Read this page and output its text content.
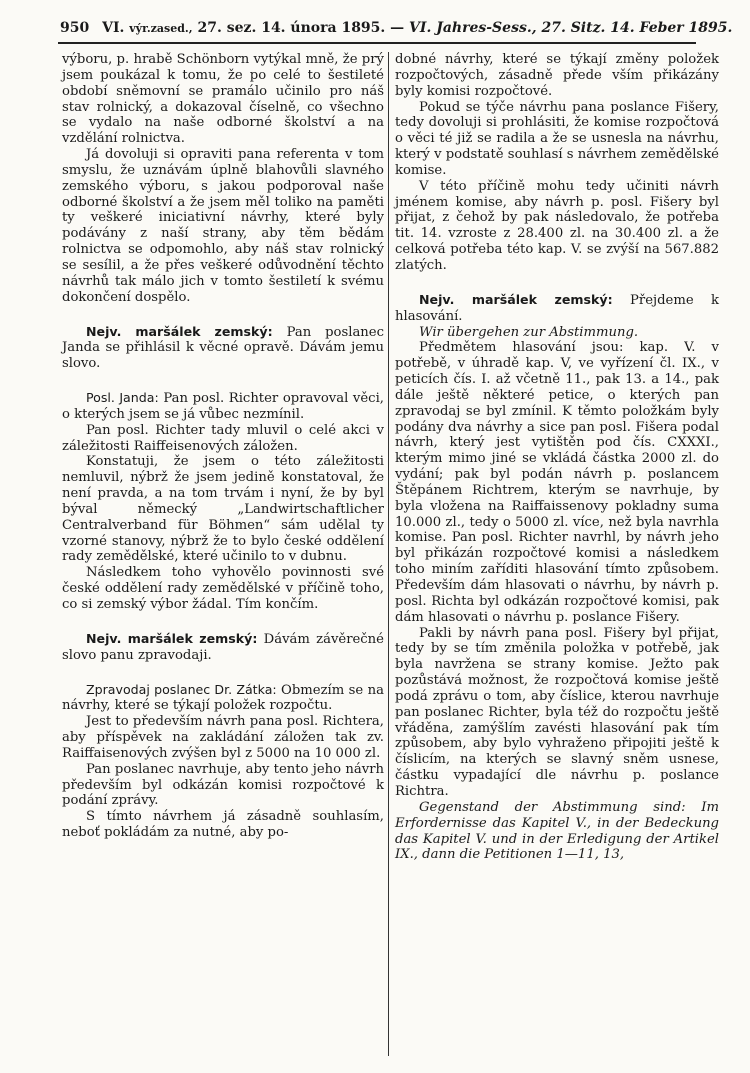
950 VI. výr.zased., 27. sez. 14. února 1895. — VI. Jahres-Sess., 27. Sitz. 14. Feber 1895.

výboru, p. hrabě Schönborn vytýkal mně, že prý jsem poukázal k tomu, že po celé to šestileté období sněmovní se pramálo učinilo pro náš stav rolnický, a dokazoval číselně, co všechno se vydalo na naše odborné školství a na vzdělání rolnictva.

Já dovoluji si opraviti pana referenta v tom smyslu, že uznávám úplně blahovůli slavného zemského výboru, s jakou podporoval naše odborné školství a že jsem měl toliko na paměti ty veškeré iniciativní návrhy, které byly podávány z naší strany, aby těm bědám rolnictva se odpomohlo, aby náš stav rolnický se sesílil, a že přes veškeré odůvodnění těchto návrhů tak málo jich v tomto šestiletí k svému dokončení dospělo.

Nejv. maršálek zemský: Pan poslanec Janda se přihlásil k věcné opravě. Dávám jemu slovo.

Posl. Janda: Pan posl. Richter opravoval věci, o kterých jsem se já vůbec nezmínil.

Pan posl. Richter tady mluvil o celé akci v záležitosti Raiffeisenových záložen.

Konstatuji, že jsem o této záležitosti nemluvil, nýbrž že jsem jedině konstatoval, že není pravda, a na tom trvám i nyní, že by byl býval německý „Landwirtschaftlicher Centralverband für Böhmen“ sám udělal ty vzorné stanovy, nýbrž že to bylo české oddělení rady zemědělské, které učinilo to v dubnu.

Následkem toho vyhovělo povinnosti své české oddělení rady zemědělské v příčině toho, co si zemský výbor žádal. Tím končím.

Nejv. maršálek zemský: Dávám závěrečné slovo panu zpravodaji.

Zpravodaj poslanec Dr. Zátka: Obmezím se na návrhy, které se týkají položek rozpočtu.

Jest to především návrh pana posl. Richtera, aby příspěvek na zakládání záložen tak zv. Raiffaisenových zvýšen byl z 5000 na 10 000 zl.

Pan poslanec navrhuje, aby tento jeho návrh především byl odkázán komisi rozpočtové k podání zprávy.

S tímto návrhem já zásadně souhlasím, neboť pokládám za nutné, aby po-

dobné návrhy, které se týkají změny položek rozpočtových, zásadně přede vším přikázány byly komisi rozpočtové.

Pokud se týče návrhu pana poslance Fišery, tedy dovoluji si prohlásiti, že komise rozpočtová o věci té již se radila a že se usnesla na návrhu, který v podstatě souhlasí s návrhem zemědělské komise.

V této příčině mohu tedy učiniti návrh jménem komise, aby návrh p. posl. Fišery byl přijat, z čehož by pak následovalo, že potřeba tit. 14. vzroste z 28.400 zl. na 30.400 zl. a že celková potřeba této kap. V. se zvýší na 567.882 zlatých.

Nejv. maršálek zemský: Přejdeme k hlasování.

Wir übergehen zur Abstimmung.

Předmětem hlasování jsou: kap. V. v potřebě, v úhradě kap. V, ve vyřízení čl. IX., v peticích čís. I. až včetně 11., pak 13. a 14., pak dále ještě některé petice, o kterých pan zpravodaj se byl zmínil. K těmto položkám byly podány dva návrhy a sice pan posl. Fišera podal návrh, který jest vytištěn pod čís. CXXXI., kterým mimo jiné se vkládá částka 2000 zl. do vydání; pak byl podán návrh p. poslancem Štěpánem Richtrem, kterým se navrhuje, by byla vložena na Raiffaissenovy pokladny suma 10.000 zl., tedy o 5000 zl. více, než byla navrhla komise. Pan posl. Richter navrhl, by návrh jeho byl přikázán rozpočtové komisi a následkem toho miním zaříditi hlasování tímto způsobem. Především dám hlasovati o návrhu, by návrh p. posl. Richta byl odkázán rozpočtové komisi, pak dám hlasovati o návrhu p. poslance Fišery.

Pakli by návrh pana posl. Fišery byl přijat, tedy by se tím změnila položka v potřebě, jak byla navržena se strany komise. Ježto pak pozůstává možnost, že rozpočtová komise ještě podá zprávu o tom, aby číslice, kterou navrhuje pan poslanec Richter, byla též do rozpočtu ještě vřáděna, zamýšlím zavésti hlasování pak tím způsobem, aby bylo vyhraženo připojiti ještě k číslicím, na kterých se slavný sněm usnese, částku vypadající dle návrhu p. poslance Richtra.

Gegenstand der Abstimmung sind: Im Erfordernisse das Kapitel V., in der Bedeckung das Kapitel V. und in der Erledigung der Artikel IX., dann die Petitionen 1—11, 13,
